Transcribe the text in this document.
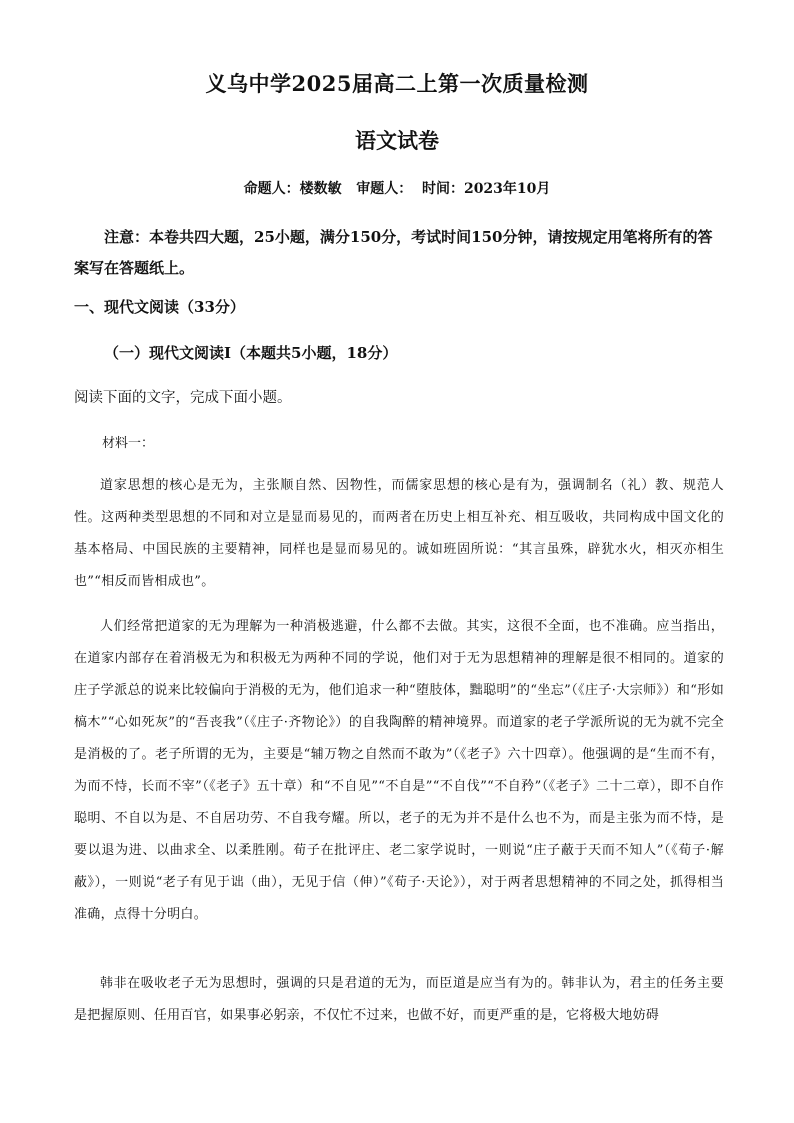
义乌中学2025届高二上第一次质量检测
语文试卷
命题人：楼数敏   审题人：  时间：2023年10月
注意：本卷共四大题，25小题，满分150分，考试时间150分钟，请按规定用笔将所有的答案写在答题纸上。
一、现代文阅读（33分）
（一）现代文阅读Ⅰ（本题共5小题，18分）
阅读下面的文字，完成下面小题。
材料一：
道家思想的核心是无为，主张顺自然、因物性，而儒家思想的核心是有为，强调制名（礼）教、规范人性。这两种类型思想的不同和对立是显而易见的，而两者在历史上相互补充、相互吸收，共同构成中国文化的基本格局、中国民族的主要精神，同样也是显而易见的。诚如班固所说：“其言虽殊，辟犹水火，相灭亦相生也”“相反而皆相成也”。
人们经常把道家的无为理解为一种消极逃避，什么都不去做。其实，这很不全面，也不准确。应当指出，在道家内部存在着消极无为和积极无为两种不同的学说，他们对于无为思想精神的理解是很不相同的。道家的庄子学派总的说来比较偏向于消极的无为，他们追求一种“堕肢体，黜聪明”的“坐忘”（《庄子·大宗师》）和“形如槁木”“心如死灰”的“吾丧我”（《庄子·齐物论》）的自我陶醉的精神境界。而道家的老子学派所说的无为就不完全是消极的了。老子所谓的无为，主要是“辅万物之自然而不敢为”（《老子》六十四章）。他强调的是“生而不有，为而不恃，长而不宰”（《老子》五十章）和“不自见”“不自是”“不自伐”“不自矜”（《老子》二十二章），即不自作聪明、不自以为是、不自居功劳、不自我夸耀。所以，老子的无为并不是什么也不为，而是主张为而不恃，是要以退为进、以曲求全、以柔胜刚。荀子在批评庄、老二家学说时，一则说“庄子蔽于天而不知人”（《荀子·解蔽》），一则说“老子有见于诎（曲），无见于信（伸）”《荀子·天论》），对于两者思想精神的不同之处，抓得相当准确，点得十分明白。
韩非在吸收老子无为思想时，强调的只是君道的无为，而臣道是应当有为的。韩非认为，君主的任务主要是把握原则、任用百官，如果事必躬亲，不仅忙不过来，也做不好，而更严重的是，它将极大地妨碍
